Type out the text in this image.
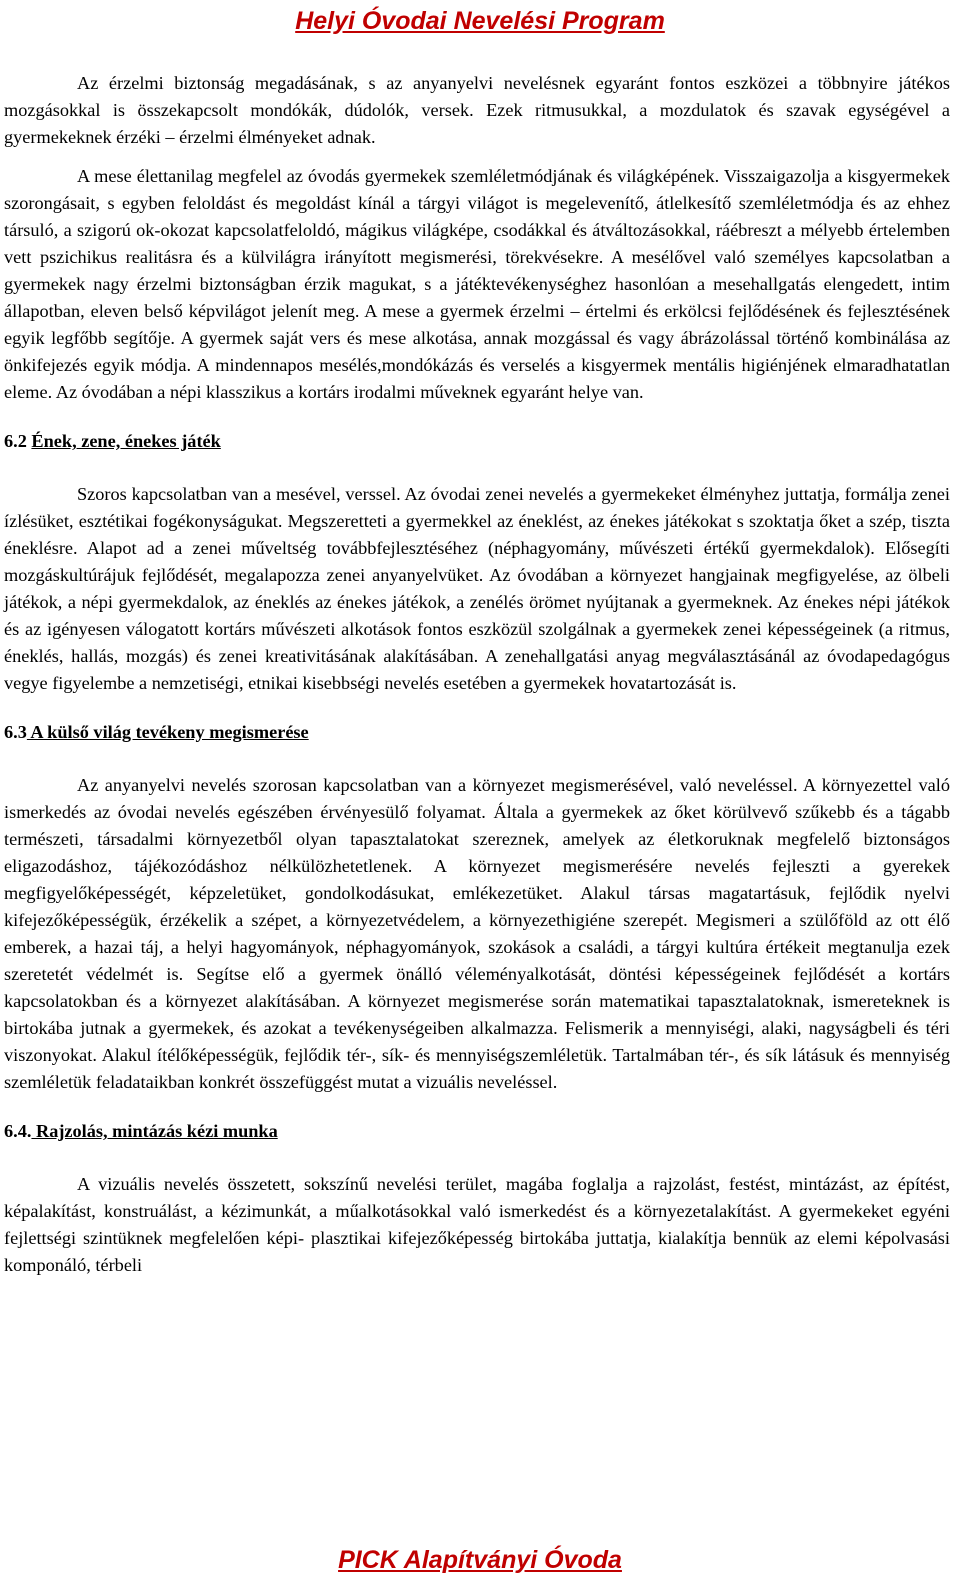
Helyi Óvodai Nevelési Program

Az érzelmi biztonság megadásának, s az anyanyelvi nevelésnek egyaránt fontos eszközei a többnyire játékos mozgásokkal is összekapcsolt mondókák, dúdolók, versek. Ezek ritmusukkal, a mozdulatok és szavak egységével a gyermekeknek érzéki – érzelmi élményeket adnak.

A mese élettanilag megfelel az óvodás gyermekek szemléletmódjának és világképének. Visszaigazolja a kisgyermekek szorongásait, s egyben feloldást és megoldást kínál a tárgyi világot is megelevenítő, átlelkesítő szemléletmódja és az ehhez társuló, a szigorú ok-okozat kapcsolatfeloldó, mágikus világképe, csodákkal és átváltozásokkal, ráébreszt a mélyebb értelemben vett pszichikus realitásra és a külvilágra irányított megismerési, törekvésekre. A mesélővel való személyes kapcsolatban a gyermekek nagy érzelmi biztonságban érzik magukat, s a játéktevékenységhez hasonlóan a mesehallgatás elengedett, intim állapotban, eleven belső képvilágot jelenít meg. A mese a gyermek érzelmi – értelmi és erkölcsi fejlődésének és fejlesztésének egyik legfőbb segítője. A gyermek saját vers és mese alkotása, annak mozgással és vagy ábrázolással történő kombinálása az önkifejezés egyik módja. A mindennapos mesélés,mondókázás és verselés a kisgyermek mentális higiénjének elmaradhatatlan eleme. Az óvodában a népi klasszikus a kortárs irodalmi műveknek egyaránt helye van.

6.2 Ének, zene, énekes játék

Szoros kapcsolatban van a mesével, verssel. Az óvodai zenei nevelés a gyermekeket élményhez juttatja, formálja zenei ízlésüket, esztétikai fogékonyságukat. Megszeretteti a gyermekkel az éneklést, az énekes játékokat s szoktatja őket a szép, tiszta éneklésre. Alapot ad a zenei műveltség továbbfejlesztéséhez (néphagyomány, művészeti értékű gyermekdalok). Elősegíti mozgáskultúrájuk fejlődését, megalapozza zenei anyanyelvüket. Az óvodában a környezet hangjainak megfigyelése, az ölbeli játékok, a népi gyermekdalok, az éneklés az énekes játékok, a zenélés örömet nyújtanak a gyermeknek. Az énekes népi játékok és az igényesen válogatott kortárs művészeti alkotások fontos eszközül szolgálnak a gyermekek zenei képességeinek (a ritmus, éneklés, hallás, mozgás) és zenei kreativitásának alakításában. A zenehallgatási anyag megválasztásánál az óvodapedagógus vegye figyelembe a nemzetiségi, etnikai kisebbségi nevelés esetében a gyermekek hovatartozását is.

6.3 A külső világ tevékeny megismerése

Az anyanyelvi nevelés szorosan kapcsolatban van a környezet megismerésével, való neveléssel. A környezettel való ismerkedés az óvodai nevelés egészében érvényesülő folyamat. Általa a gyermekek az őket körülvevő szűkebb és a tágabb természeti, társadalmi környezetből olyan tapasztalatokat szereznek, amelyek az életkoruknak megfelelő biztonságos eligazodáshoz, tájékozódáshoz nélkülözhetetlenek. A környezet megismerésére nevelés fejleszti a gyerekek megfigyelőképességét, képzeletüket, gondolkodásukat, emlékezetüket. Alakul társas magatartásuk, fejlődik nyelvi kifejezőképességük, érzékelik a szépet, a környezetvédelem, a környezethigiéne szerepét. Megismeri a szülőföld az ott élő emberek, a hazai táj, a helyi hagyományok, néphagyományok, szokások a családi, a tárgyi kultúra értékeit megtanulja ezek szeretetét védelmét is. Segítse elő a gyermek önálló véleményalkotását, döntési képességeinek fejlődését a kortárs kapcsolatokban és a környezet alakításában. A környezet megismerése során matematikai tapasztalatoknak, ismereteknek is birtokába jutnak a gyermekek, és azokat a tevékenységeiben alkalmazza. Felismerik a mennyiségi, alaki, nagyságbeli és téri viszonyokat. Alakul ítélőképességük, fejlődik tér-, sík- és mennyiségszemléletük. Tartalmában tér-, és sík látásuk és mennyiség szemléletük feladataikban konkrét összefüggést mutat a vizuális neveléssel.

6.4. Rajzolás, mintázás kézi munka

A vizuális nevelés összetett, sokszínű nevelési terület, magába foglalja a rajzolást, festést, mintázást, az építést, képalakítást, konstruálást, a kézimunkát, a műalkotásokkal való ismerkedést és a környezetalakítást. A gyermekeket egyéni fejlettségi szintüknek megfelelően képi- plasztikai kifejezőképesség birtokába juttatja, kialakítja bennük az elemi képolvasási komponáló, térbeli

PICK Alapítványi Óvoda
